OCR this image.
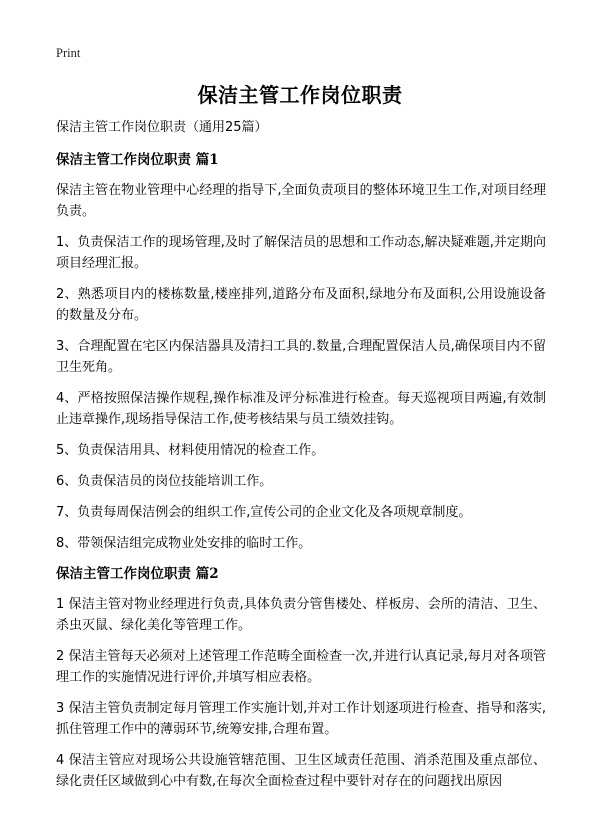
Print
保洁主管工作岗位职责

保洁主管工作岗位职责（通用25篇）

保洁主管工作岗位职责 篇1

保洁主管在物业管理中心经理的指导下,全面负责项目的整体环境卫生工作,对项目经理负责。

1、负责保洁工作的现场管理,及时了解保洁员的思想和工作动态,解决疑难题,并定期向项目经理汇报。

2、熟悉项目内的楼栋数量,楼座排列,道路分布及面积,绿地分布及面积,公用设施设备的数量及分布。

3、合理配置在宅区内保洁器具及清扫工具的.数量,合理配置保洁人员,确保项目内不留卫生死角。

4、严格按照保洁操作规程,操作标准及评分标准进行检查。每天巡视项目两遍,有效制止违章操作,现场指导保洁工作,使考核结果与员工绩效挂钩。

5、负责保洁用具、材料使用情况的检查工作。

6、负责保洁员的岗位技能培训工作。

7、负责每周保洁例会的组织工作,宣传公司的企业文化及各项规章制度。

8、带领保洁组完成物业处安排的临时工作。

保洁主管工作岗位职责 篇2

1 保洁主管对物业经理进行负责,具体负责分管售楼处、样板房、会所的清洁、卫生、杀虫灭鼠、绿化美化等管理工作。

2 保洁主管每天必须对上述管理工作范畴全面检查一次,并进行认真记录,每月对各项管理工作的实施情况进行评价,并填写相应表格。

3 保洁主管负责制定每月管理工作实施计划,并对工作计划逐项进行检查、指导和落实,抓住管理工作中的薄弱环节,统筹安排,合理布置。

4 保洁主管应对现场公共设施管辖范围、卫生区域责任范围、消杀范围及重点部位、绿化责任区域做到心中有数,在每次全面检查过程中要针对存在的问题找出原因
